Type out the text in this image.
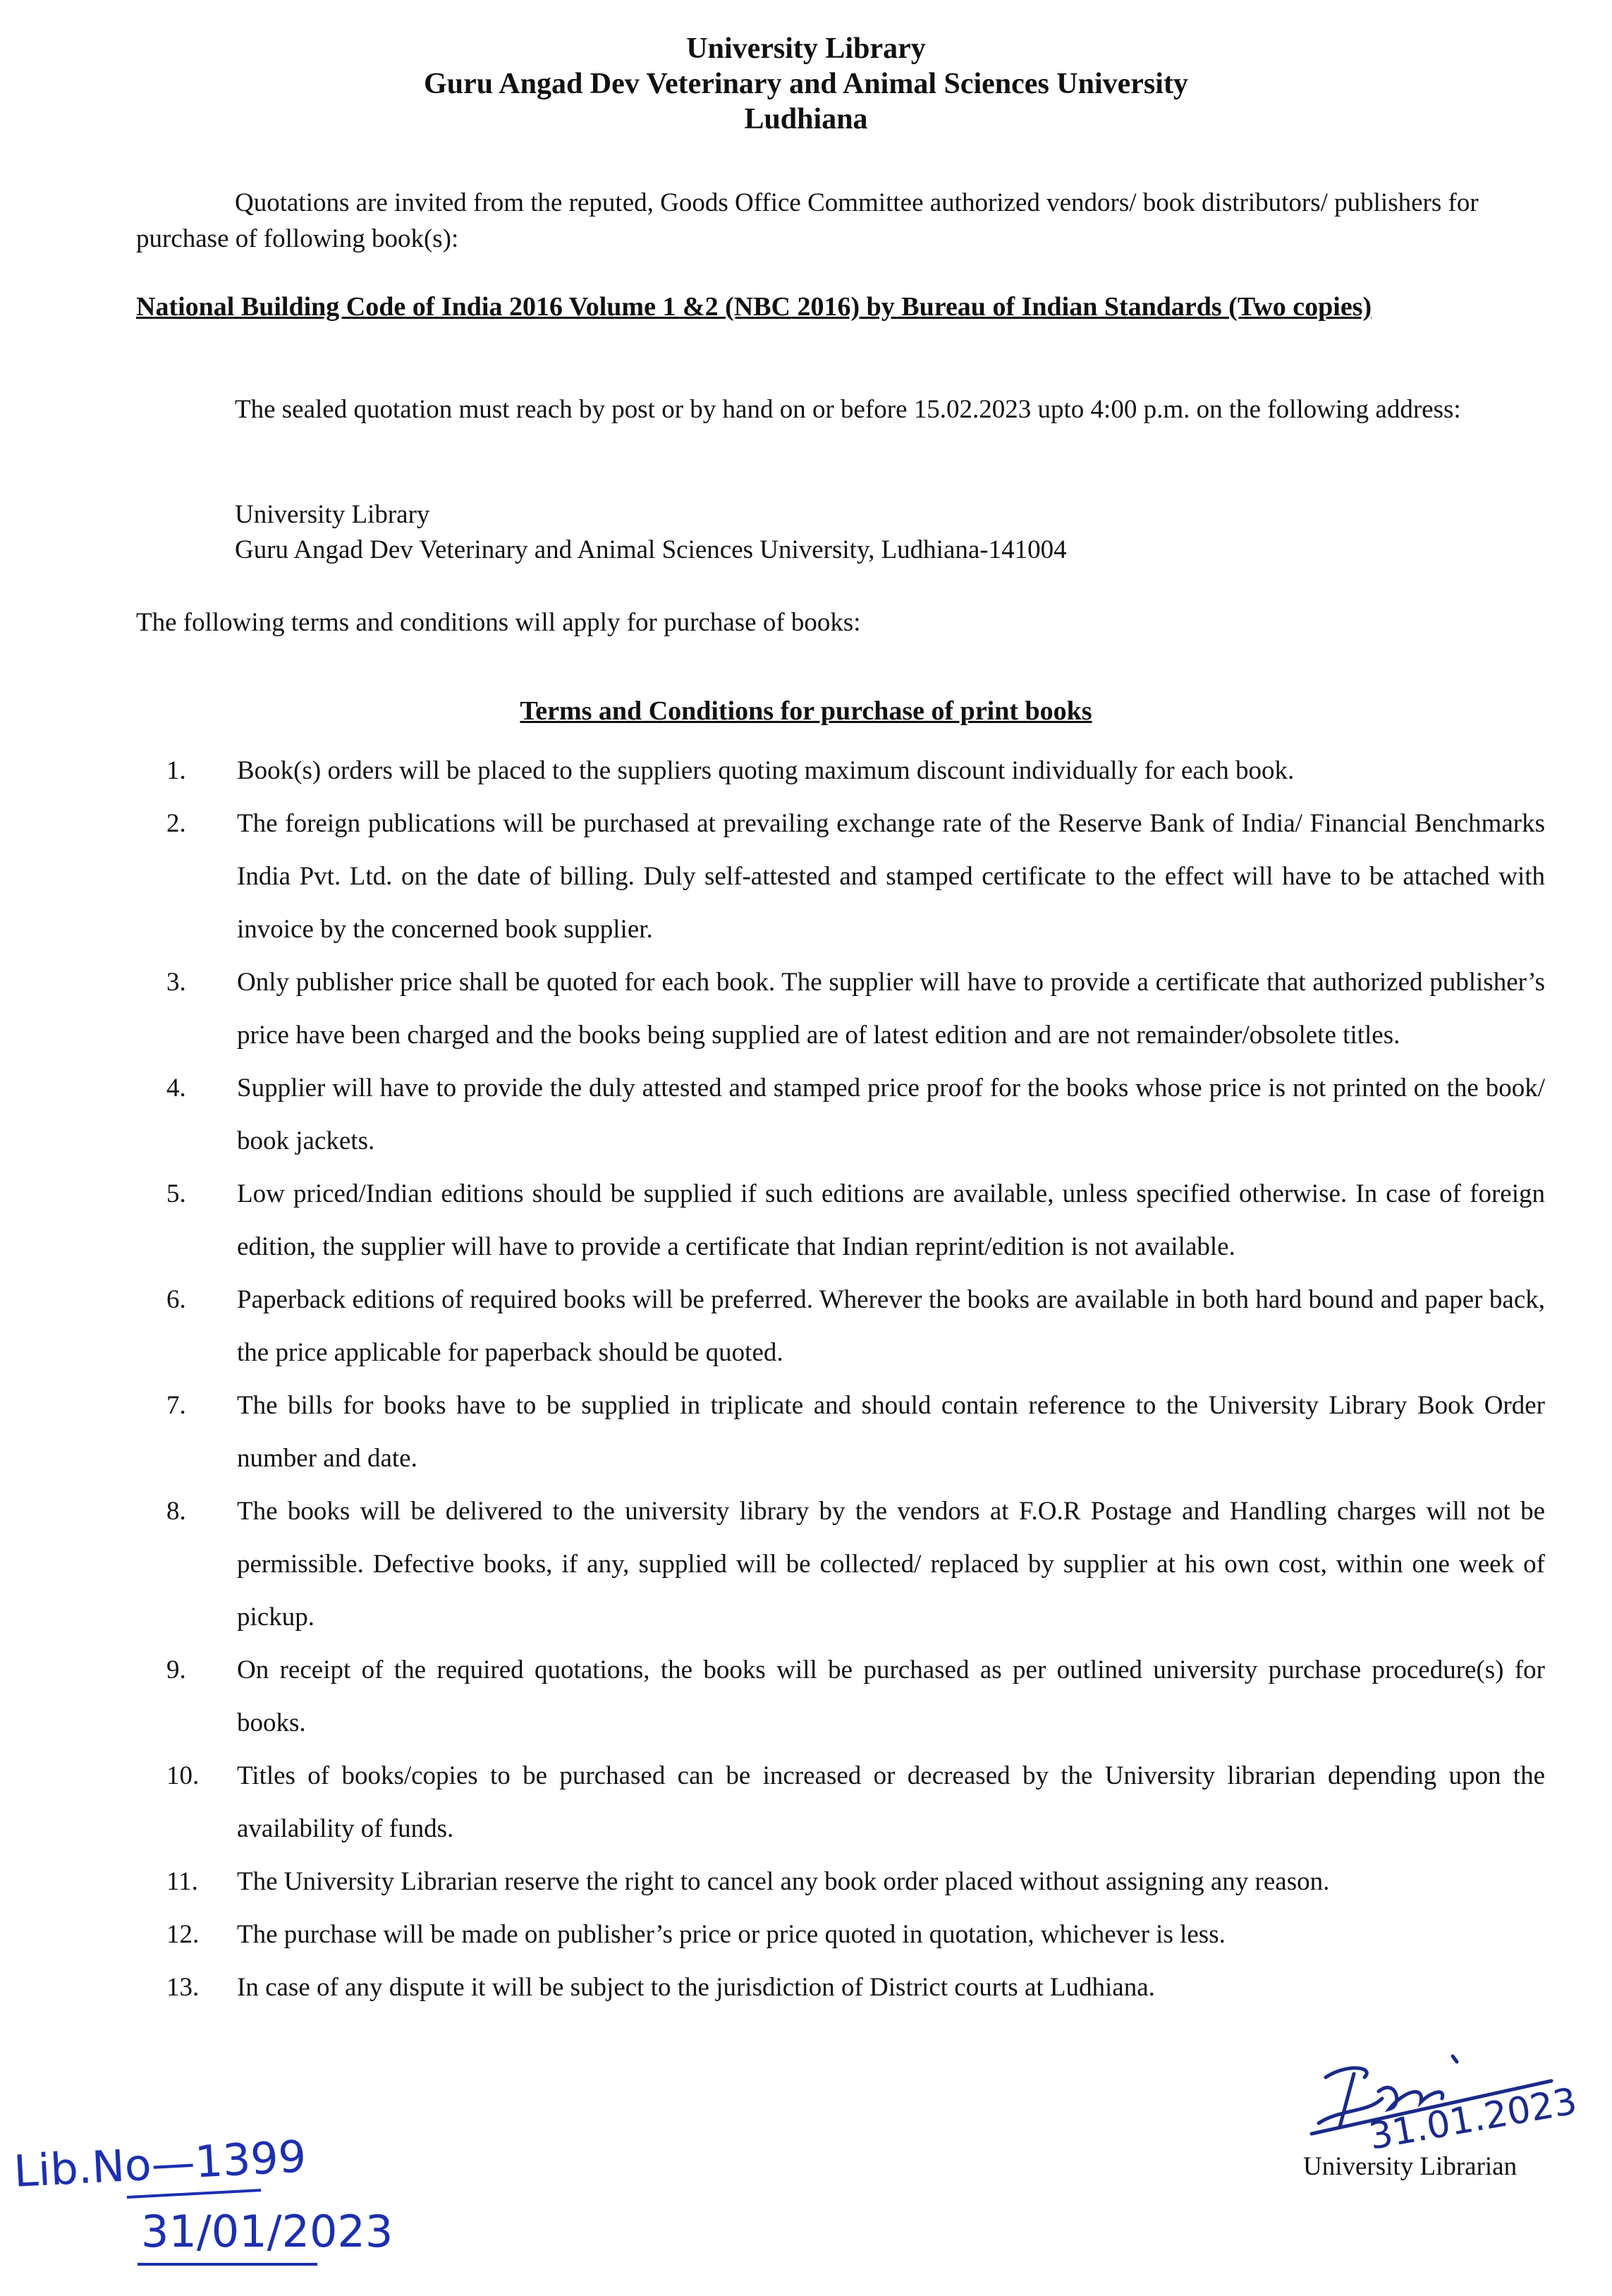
University Library
Guru Angad Dev Veterinary and Animal Sciences University
Ludhiana
Quotations are invited from the reputed, Goods Office Committee authorized vendors/ book distributors/ publishers for purchase of following book(s):
National Building Code of India 2016 Volume 1 &2 (NBC 2016) by Bureau of Indian Standards (Two copies)
The sealed quotation must reach by post or by hand on or before 15.02.2023 upto 4:00 p.m. on the following address:
University Library
Guru Angad Dev Veterinary and Animal Sciences University, Ludhiana-141004
The following terms and conditions will apply for purchase of books:
Terms and Conditions for purchase of print books
1.	Book(s) orders will be placed to the suppliers quoting maximum discount individually for each book.
2.	The foreign publications will be purchased at prevailing exchange rate of the Reserve Bank of India/ Financial Benchmarks India Pvt. Ltd. on the date of billing. Duly self-attested and stamped certificate to the effect will have to be attached with invoice by the concerned book supplier.
3.	Only publisher price shall be quoted for each book. The supplier will have to provide a certificate that authorized publisher’s price have been charged and the books being supplied are of latest edition and are not remainder/obsolete titles.
4.	Supplier will have to provide the duly attested and stamped price proof for the books whose price is not printed on the book/ book jackets.
5.	Low priced/Indian editions should be supplied if such editions are available, unless specified otherwise. In case of foreign edition, the supplier will have to provide a certificate that Indian reprint/edition is not available.
6.	Paperback editions of required books will be preferred. Wherever the books are available in both hard bound and paper back, the price applicable for paperback should be quoted.
7.	The bills for books have to be supplied in triplicate and should contain reference to the University Library Book Order number and date.
8.	The books will be delivered to the university library by the vendors at F.O.R Postage and Handling charges will not be permissible. Defective books, if any, supplied will be collected/ replaced by supplier at his own cost, within one week of pickup.
9.	On receipt of the required quotations, the books will be purchased as per outlined university purchase procedure(s) for books.
10.	Titles of books/copies to be purchased can be increased or decreased by the University librarian depending upon the availability of funds.
11.	The University Librarian reserve the right to cancel any book order placed without assigning any reason.
12.	The purchase will be made on publisher’s price or price quoted in quotation, whichever is less.
13.	In case of any dispute it will be subject to the jurisdiction of District courts at Ludhiana.
31.01.2023
University Librarian
Lib.No—1399
31/01/2023
